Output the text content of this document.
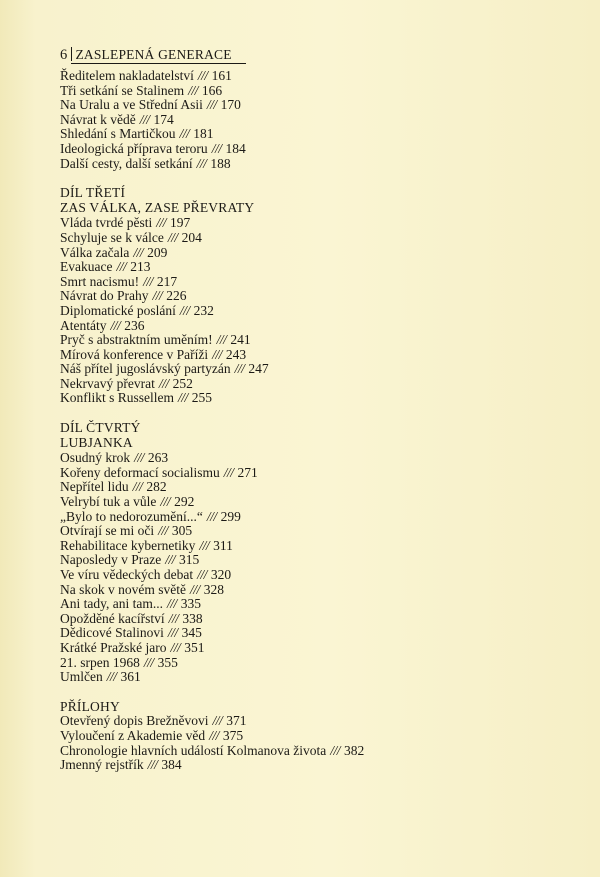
6 ZASLEPENÁ GENERACE
Ředitelem nakladatelství /// 161
Tři setkání se Stalinem /// 166
Na Uralu a ve Střední Asii /// 170
Návrat k vědě /// 174
Shledání s Martičkou /// 181
Ideologická příprava teroru /// 184
Další cesty, další setkání /// 188
DÍL TŘETÍ
ZAS VÁLKA, ZASE PŘEVRATY
Vláda tvrdé pěsti /// 197
Schyluje se k válce /// 204
Válka začala /// 209
Evakuace /// 213
Smrt nacismu! /// 217
Návrat do Prahy /// 226
Diplomatické poslání /// 232
Atentáty /// 236
Pryč s abstraktním uměním! /// 241
Mírová konference v Paříži /// 243
Náš přítel jugoslávský partyzán /// 247
Nekrvavý převrat /// 252
Konflikt s Russellem /// 255
DÍL ČTVRTÝ
LUBJANKA
Osudný krok /// 263
Kořeny deformací socialismu /// 271
Nepřítel lidu /// 282
Velrybí tuk a vůle /// 292
„Bylo to nedorozumění...“ /// 299
Otvírají se mi oči /// 305
Rehabilitace kybernetiky /// 311
Naposledy v Praze /// 315
Ve víru vědeckých debat /// 320
Na skok v novém světě /// 328
Ani tady, ani tam... /// 335
Opožděné kacířství /// 338
Dědicové Stalinovi /// 345
Krátké Pražské jaro /// 351
21. srpen 1968 /// 355
Umlčen /// 361
PŘÍLOHY
Otevřený dopis Brežněvovi /// 371
Vyloučení z Akademie věd /// 375
Chronologie hlavních událostí Kolmanova života /// 382
Jmenný rejstřík /// 384
